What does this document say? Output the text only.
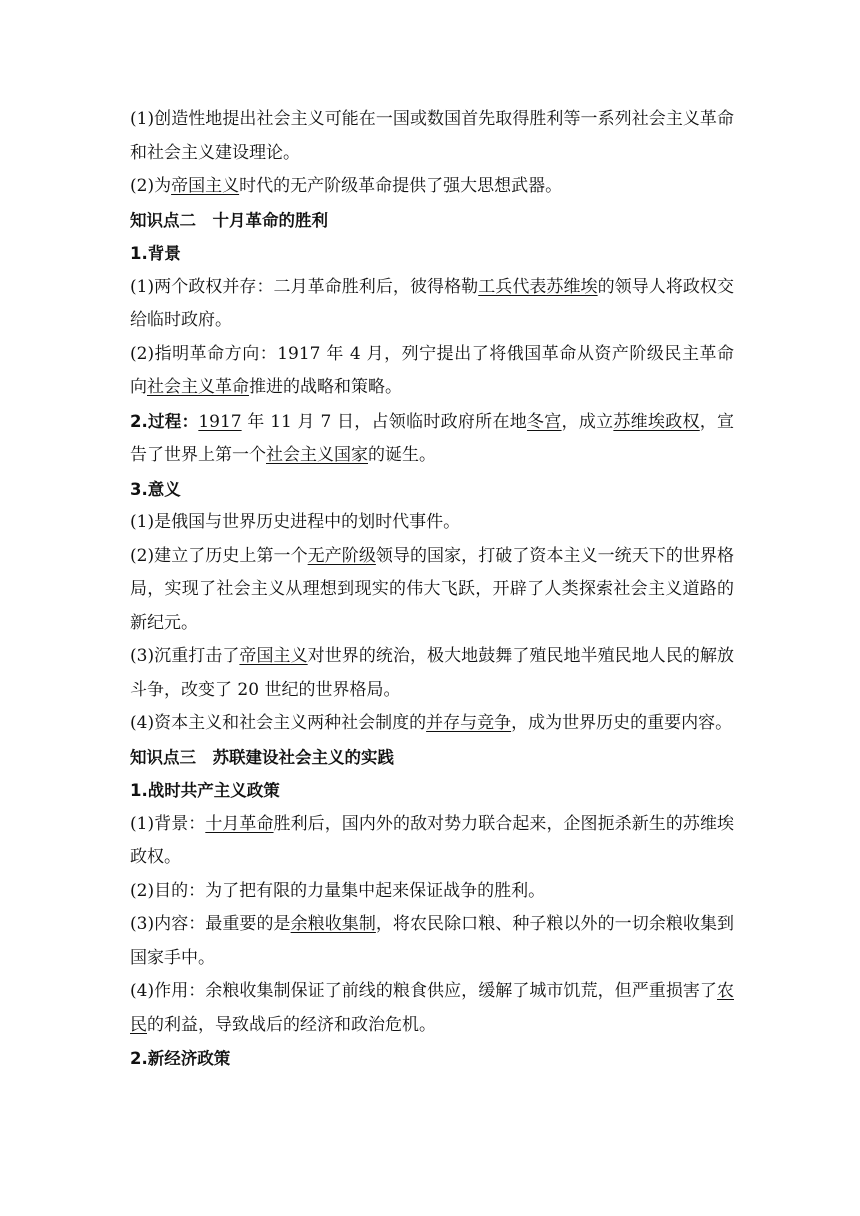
(1)创造性地提出社会主义可能在一国或数国首先取得胜利等一系列社会主义革命和社会主义建设理论。

(2)为帝国主义时代的无产阶级革命提供了强大思想武器。

知识点二　十月革命的胜利

1.背景

(1)两个政权并存：二月革命胜利后，彼得格勒工兵代表苏维埃的领导人将政权交给临时政府。

(2)指明革命方向：1917 年 4 月，列宁提出了将俄国革命从资产阶级民主革命向社会主义革命推进的战略和策略。

2.过程：1917 年 11 月 7 日，占领临时政府所在地冬宫，成立苏维埃政权，宣告了世界上第一个社会主义国家的诞生。

3.意义

(1)是俄国与世界历史进程中的划时代事件。

(2)建立了历史上第一个无产阶级领导的国家，打破了资本主义一统天下的世界格局，实现了社会主义从理想到现实的伟大飞跃，开辟了人类探索社会主义道路的新纪元。

(3)沉重打击了帝国主义对世界的统治，极大地鼓舞了殖民地半殖民地人民的解放斗争，改变了 20 世纪的世界格局。

(4)资本主义和社会主义两种社会制度的并存与竞争，成为世界历史的重要内容。

知识点三　苏联建设社会主义的实践

1.战时共产主义政策

(1)背景：十月革命胜利后，国内外的敌对势力联合起来，企图扼杀新生的苏维埃政权。

(2)目的：为了把有限的力量集中起来保证战争的胜利。

(3)内容：最重要的是余粮收集制，将农民除口粮、种子粮以外的一切余粮收集到国家手中。

(4)作用：余粮收集制保证了前线的粮食供应，缓解了城市饥荒，但严重损害了农民的利益，导致战后的经济和政治危机。

2.新经济政策
